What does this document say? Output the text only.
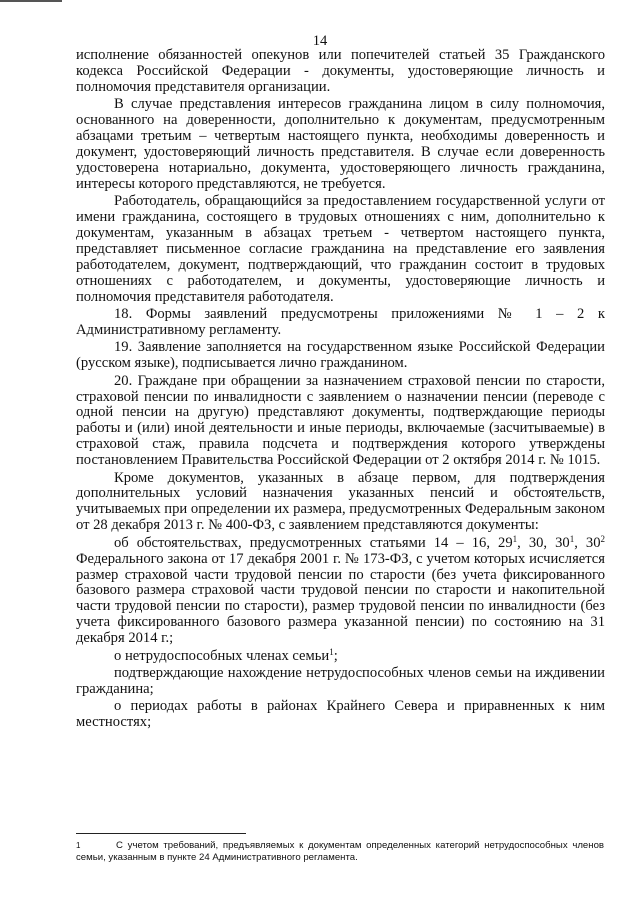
14

исполнение обязанностей опекунов или попечителей статьей 35 Гражданского кодекса Российской Федерации - документы, удостоверяющие личность и полномочия представителя организации.

В случае представления интересов гражданина лицом в силу полномочия, основанного на доверенности, дополнительно к документам, предусмотренным абзацами третьим – четвертым настоящего пункта, необходимы доверенность и документ, удостоверяющий личность представителя. В случае если доверенность удостоверена нотариально, документа, удостоверяющего личность гражданина, интересы которого представляются, не требуется.

Работодатель, обращающийся за предоставлением государственной услуги от имени гражданина, состоящего в трудовых отношениях с ним, дополнительно к документам, указанным в абзацах третьем - четвертом настоящего пункта, представляет письменное согласие гражданина на представление его заявления работодателем, документ, подтверждающий, что гражданин состоит в трудовых отношениях с работодателем, и документы, удостоверяющие личность и полномочия представителя работодателя.

18. Формы заявлений предусмотрены приложениями № 1 – 2 к Административному регламенту.

19. Заявление заполняется на государственном языке Российской Федерации (русском языке), подписывается лично гражданином.

20. Граждане при обращении за назначением страховой пенсии по старости, страховой пенсии по инвалидности с заявлением о назначении пенсии (переводе с одной пенсии на другую) представляют документы, подтверждающие периоды работы и (или) иной деятельности и иные периоды, включаемые (засчитываемые) в страховой стаж, правила подсчета и подтверждения которого утверждены постановлением Правительства Российской Федерации от 2 октября 2014 г. № 1015.

Кроме документов, указанных в абзаце первом, для подтверждения дополнительных условий назначения указанных пенсий и обстоятельств, учитываемых при определении их размера, предусмотренных Федеральным законом от 28 декабря 2013 г. № 400-ФЗ, с заявлением представляются документы:

об обстоятельствах, предусмотренных статьями 14 – 16, $29^1$, 30, $30^1$, $30^2$ Федерального закона от 17 декабря 2001 г. № 173-ФЗ, с учетом которых исчисляется размер страховой части трудовой пенсии по старости (без учета фиксированного базового размера страховой части трудовой пенсии по старости и накопительной части трудовой пенсии по старости), размер трудовой пенсии по инвалидности (без учета фиксированного базового размера указанной пенсии) по состоянию на 31 декабря 2014 г.;

о нетрудоспособных членах семьи$^1$;

подтверждающие нахождение нетрудоспособных членов семьи на иждивении гражданина;

о периодах работы в районах Крайнего Севера и приравненных к ним местностях;

1	С учетом требований, предъявляемых к документам определенных категорий нетрудоспособных членов семьи, указанным в пункте 24 Административного регламента.
